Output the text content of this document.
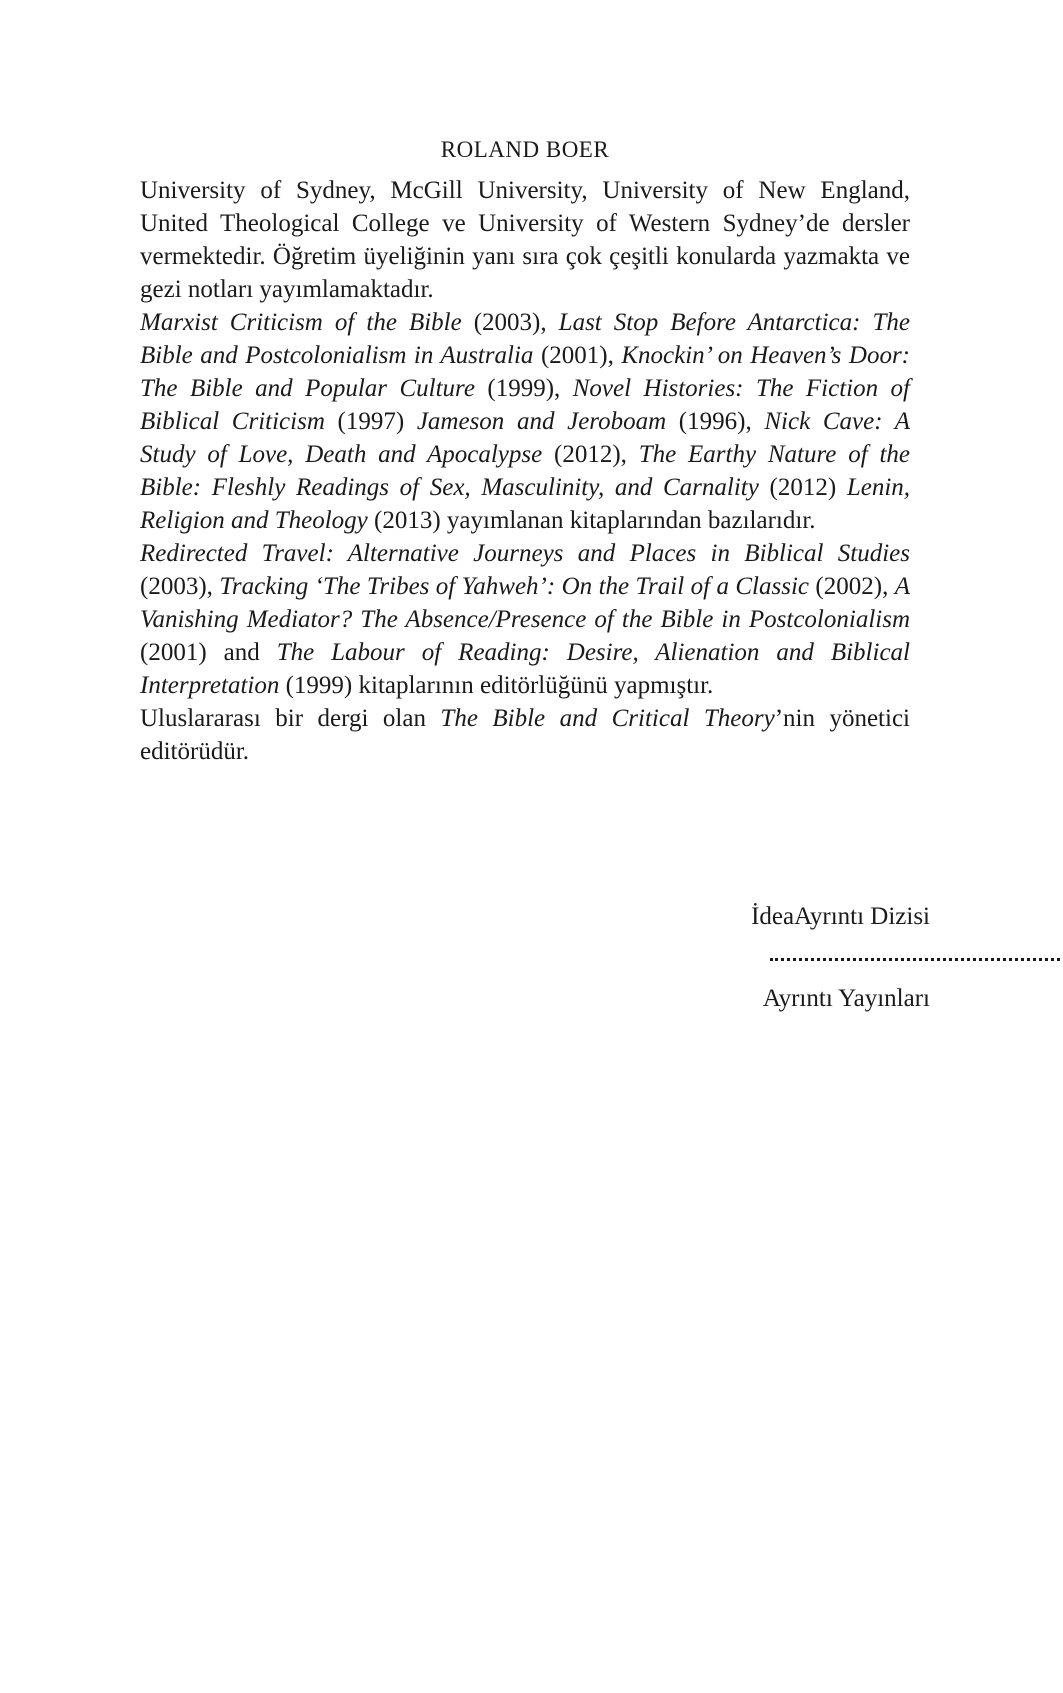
ROLAND BOER

University of Sydney, McGill University, University of New England, United Theological College ve University of Western Sydney’de dersler vermektedir. Öğretim üyeliğinin yanı sıra çok çeşitli konularda yazmakta ve gezi notları yayımlamaktadır.

Marxist Criticism of the Bible (2003), Last Stop Before Antarctica: The Bible and Postcolonialism in Australia (2001), Knockin’ on Heaven’s Door: The Bible and Popular Culture (1999), Novel Histories: The Fiction of Biblical Criticism (1997) Jameson and Jeroboam (1996), Nick Cave: A Study of Love, Death and Apocalypse (2012), The Earthy Nature of the Bible: Fleshly Readings of Sex, Masculinity, and Carnality (2012) Lenin, Religion and Theology (2013) yayımlanan kitaplarından bazılarıdır.

Redirected Travel: Alternative Journeys and Places in Biblical Studies (2003), Tracking ‘The Tribes of Yahweh’: On the Trail of a Classic (2002), A Vanishing Mediator? The Absence/Presence of the Bible in Postcolonialism (2001) and The Labour of Reading: Desire, Alienation and Biblical Interpretation (1999) kitaplarının editörlüğünü yapmıştır.

Uluslararası bir dergi olan The Bible and Critical Theory’nin yönetici editörüdür.

İdeaAyrıntı Dizisi
Ayrıntı Yayınları
